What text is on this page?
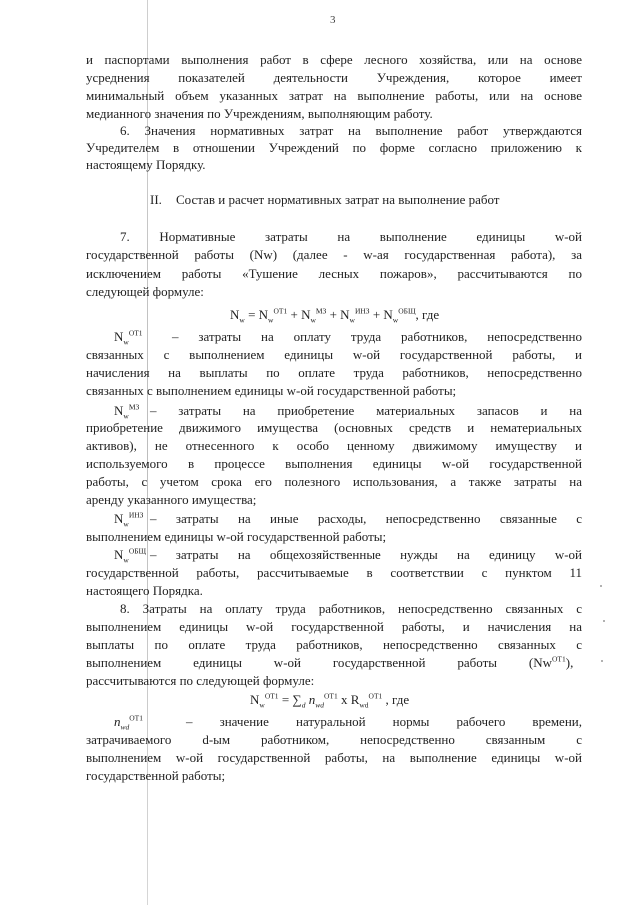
3

и паспортами выполнения работ в сфере лесного хозяйства, или на основе

усреднения показателей деятельности Учреждения, которое имеет

минимальный объем указанных затрат на выполнение работы, или на основе

медианного значения по Учреждениям, выполняющим работу.

6. Значения нормативных затрат на выполнение работ утверждаются

Учредителем в отношении Учреждений по форме согласно приложению к

настоящему Порядку.

II. Состав и расчет нормативных затрат на выполнение работ

7. Нормативные затраты на выполнение единицы w-ой

государственной работы (Nw) (далее - w-ая государственная работа), за

исключением работы «Тушение лесных пожаров», рассчитываются по

следующей формуле:

$N_w = N_w^{ОТ1} + N_w^{МЗ} + N_w^{ИНЗ} + N_w^{ОБЩ}$, где
$N_w^{ОТ1}$ – затраты на оплату труда работников, непосредственно

связанных с выполнением единицы w-ой государственной работы, и

начисления на выплаты по оплате труда работников, непосредственно

связанных с выполнением единицы w-ой государственной работы;

$N_w^{МЗ}$ – затраты на приобретение материальных запасов и на

приобретение движимого имущества (основных средств и нематериальных

активов), не отнесенного к особо ценному движимому имуществу и

используемого в процессе выполнения единицы w-ой государственной

работы, с учетом срока его полезного использования, а также затраты на

аренду указанного имущества;

$N_w^{ИНЗ}$ – затраты на иные расходы, непосредственно связанные с

выполнением единицы w-ой государственной работы;

$N_w^{ОБЩ}$ – затраты на общехозяйственные нужды на единицу w-ой

государственной работы, рассчитываемые в соответствии с пунктом 11

настоящего Порядка.

8. Затраты на оплату труда работников, непосредственно связанных с

выполнением единицы w-ой государственной работы, и начисления на

выплаты по оплате труда работников, непосредственно связанных с

выполнением единицы w-ой государственной работы $(Nw^{ОТ1})$,

рассчитываются по следующей формуле:

$N_w^{ОТ1} = \sum_d$ $n_{wd}^{ОТ1}$ x $R_{wd}^{ОТ1}$ , где
$n_{wd}^{ОТ1}$	– значение натуральной нормы рабочего времени,

затрачиваемого d-ым работником, непосредственно связанным с

выполнением w-ой государственной работы, на выполнение единицы w-ой

государственной работы;
